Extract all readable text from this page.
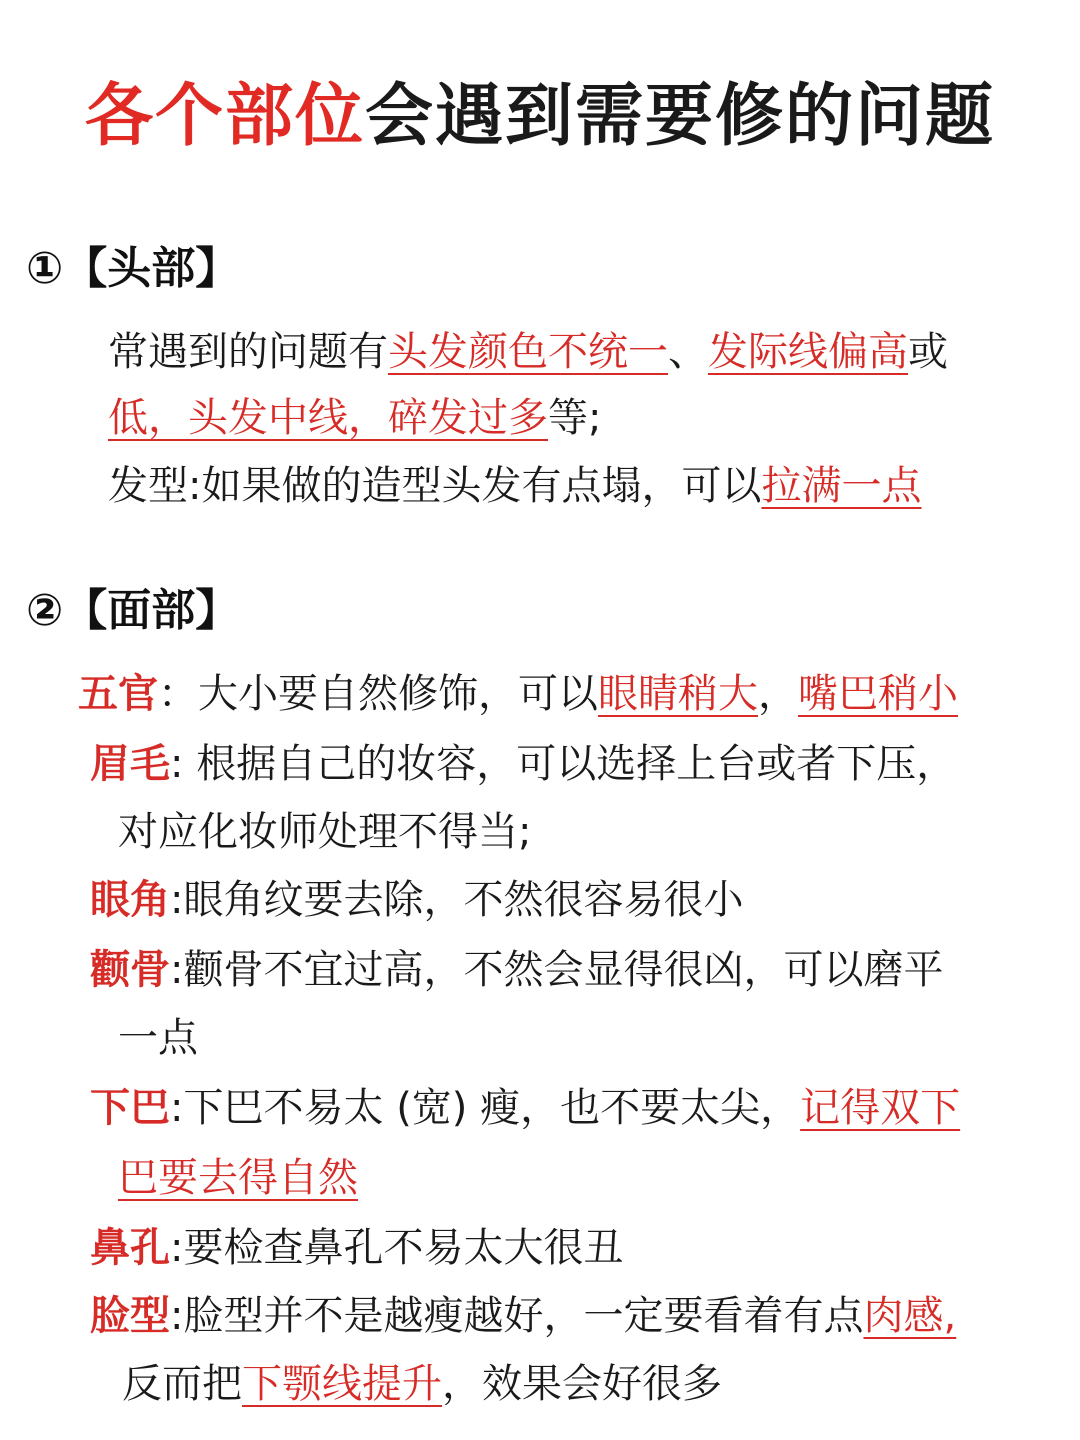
各个部位会遇到需要修的问题
①【头部】
常遇到的问题有头发颜色不统一、发际线偏高或
低，头发中线，碎发过多等;
发型:如果做的造型头发有点塌，可以拉满一点
②【面部】
五官：大小要自然修饰，可以眼睛稍大，嘴巴稍小
眉毛: 根据自己的妆容，可以选择上台或者下压，
对应化妆师处理不得当;
眼角:眼角纹要去除，不然很容易很小
颧骨:颧骨不宜过高，不然会显得很凶，可以磨平
一点
下巴:下巴不易太 (宽) 瘦，也不要太尖，记得双下
巴要去得自然
鼻孔:要检查鼻孔不易太大很丑
脸型:脸型并不是越瘦越好，一定要看着有点肉感,
反而把下颚线提升，效果会好很多
